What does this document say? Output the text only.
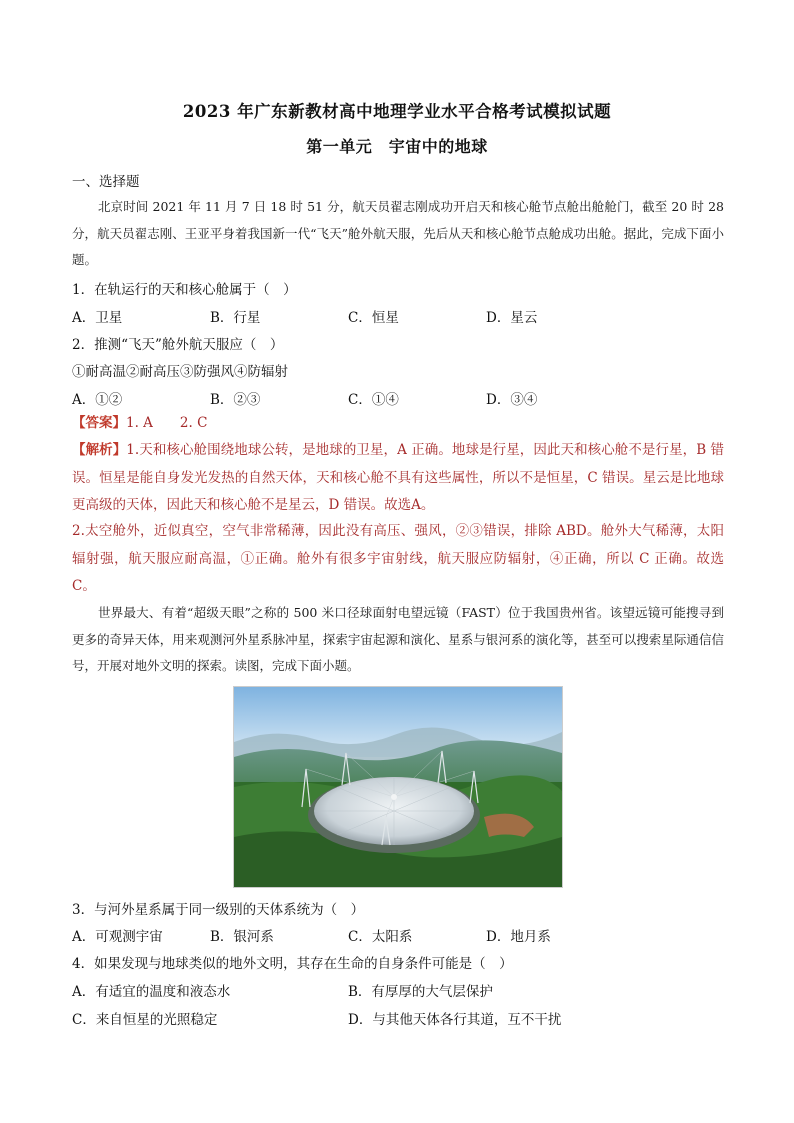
2023 年广东新教材高中地理学业水平合格考试模拟试题
第一单元　宇宙中的地球
一、选择题
北京时间 2021 年 11 月 7 日 18 时 51 分，航天员翟志刚成功开启天和核心舱节点舱出舱舱门，截至 20 时 28 分，航天员翟志刚、王亚平身着我国新一代“飞天”舱外航天服，先后从天和核心舱节点舱成功出舱。据此，完成下面小题。
1．在轨运行的天和核心舱属于（　）
A．卫星	B．行星	C．恒星	D．星云
2．推测“飞天”舱外航天服应（　）
①耐高温②耐高压③防强风④防辐射
A．①②	B．②③	C．①④	D．③④
【答案】1. A　　2. C
【解析】1.天和核心舱围绕地球公转，是地球的卫星，A 正确。地球是行星，因此天和核心舱不是行星，B 错误。恒星是能自身发光发热的自然天体，天和核心舱不具有这些属性，所以不是恒星，C 错误。星云是比地球更高级的天体，因此天和核心舱不是星云，D 错误。故选A。
2.太空舱外，近似真空，空气非常稀薄，因此没有高压、强风，②③错误，排除 ABD。舱外大气稀薄，太阳辐射强，航天服应耐高温，①正确。舱外有很多宇宙射线，航天服应防辐射，④正确，所以 C 正确。故选 C。
世界最大、有着“超级天眼”之称的 500 米口径球面射电望远镜（FAST）位于我国贵州省。该望远镜可能搜寻到更多的奇异天体，用来观测河外星系脉冲星，探索宇宙起源和演化、星系与银河系的演化等，甚至可以搜索星际通信信号，开展对地外文明的探索。读图，完成下面小题。
3．与河外星系属于同一级别的天体系统为（　）
A．可观测宇宙	B．银河系	C．太阳系	D．地月系
4．如果发现与地球类似的地外文明，其存在生命的自身条件可能是（　）
A．有适宜的温度和液态水	B．有厚厚的大气层保护
C．来自恒星的光照稳定	D．与其他天体各行其道，互不干扰
